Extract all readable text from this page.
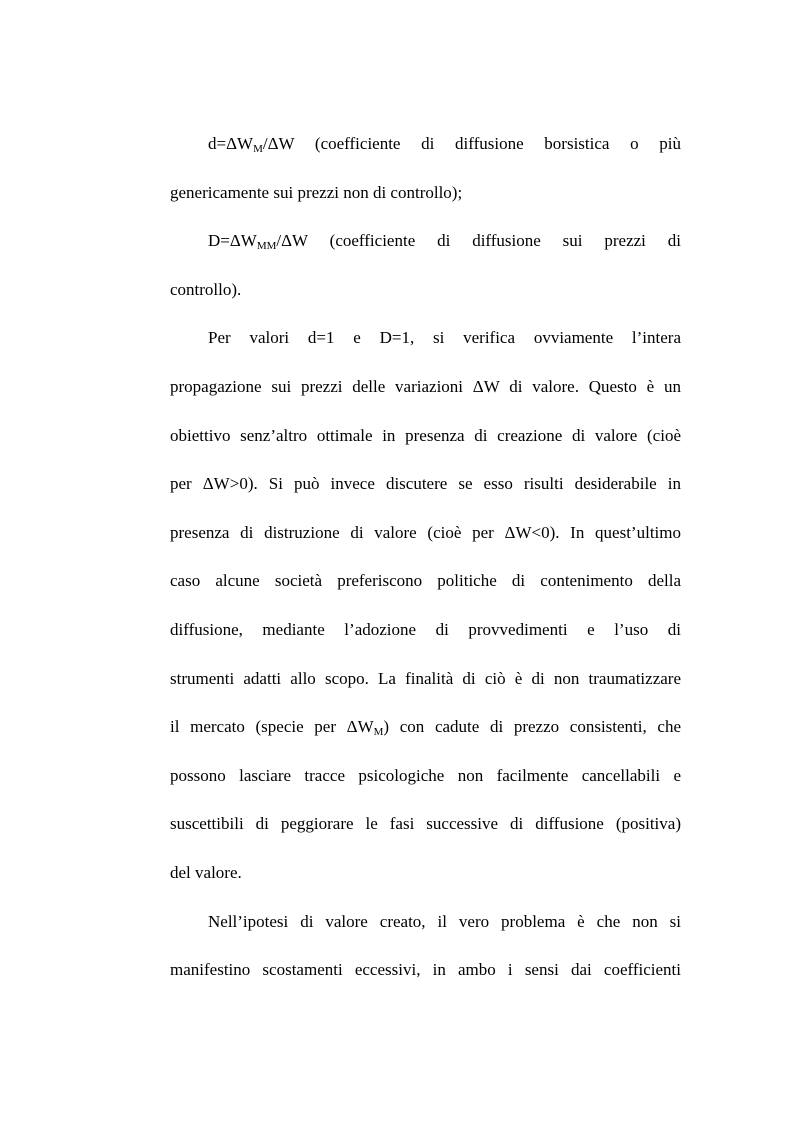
$d=\Delta W_M/\Delta W$ (coefficiente di diffusione borsistica o più
genericamente sui prezzi non di controllo);
$D=\Delta W_{MM}/\Delta W$ (coefficiente di diffusione sui prezzi di
controllo).
Per valori d=1 e D=1, si verifica ovviamente l’intera
propagazione sui prezzi delle variazioni ΔW di valore. Questo è un
obiettivo senz’altro ottimale in presenza di creazione di valore (cioè
per ΔW>0). Si può invece discutere se esso risulti desiderabile in
presenza di distruzione di valore (cioè per ΔW<0). In quest’ultimo
caso alcune società preferiscono politiche di contenimento della
diffusione, mediante l’adozione di provvedimenti e l’uso di
strumenti adatti allo scopo. La finalità di ciò è di non traumatizzare
il mercato (specie per $\Delta W_M$) con cadute di prezzo consistenti, che
possono lasciare tracce psicologiche non facilmente cancellabili e
suscettibili di peggiorare le fasi successive di diffusione (positiva)
del valore.
Nell’ipotesi di valore creato, il vero problema è che non si
manifestino scostamenti eccessivi, in ambo i sensi dai coefficienti
